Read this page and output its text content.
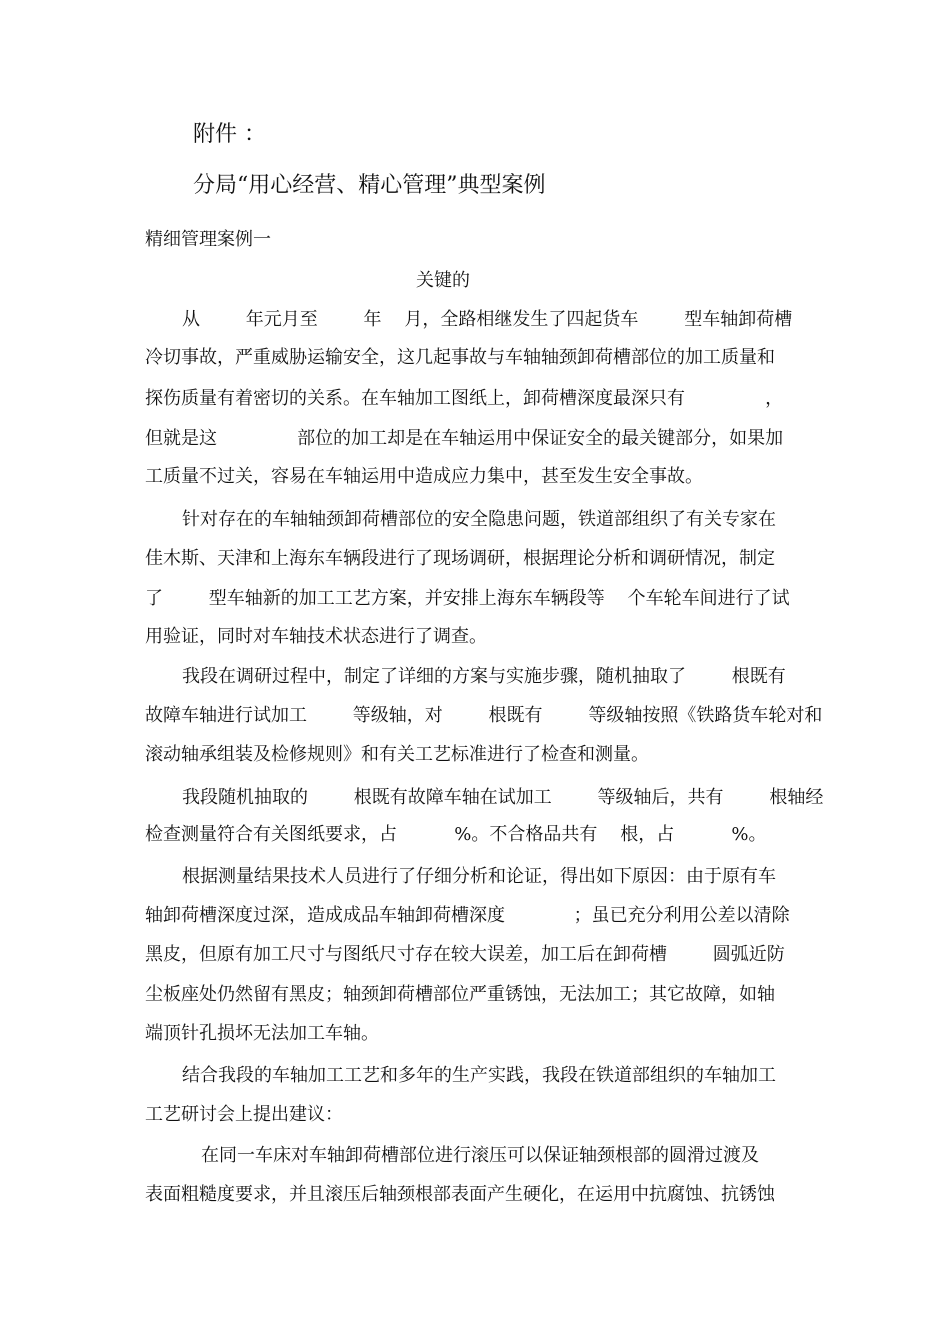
附件 ：
分局“用心经营、精心管理”典型案例
精细管理案例一
关键的
从        年元月至        年    月，全路相继发生了四起货车        型车轴卸荷槽
冷切事故，严重威胁运输安全，这几起事故与车轴轴颈卸荷槽部位的加工质量和
探伤质量有着密切的关系。在车轴加工图纸上，卸荷槽深度最深只有              ，
但就是这              部位的加工却是在车轴运用中保证安全的最关键部分，如果加
工质量不过关，容易在车轴运用中造成应力集中，甚至发生安全事故。
针对存在的车轴轴颈卸荷槽部位的安全隐患问题，铁道部组织了有关专家在
佳木斯、天津和上海东车辆段进行了现场调研，根据理论分析和调研情况，制定
了        型车轴新的加工工艺方案，并安排上海东车辆段等    个车轮车间进行了试
用验证，同时对车轴技术状态进行了调查。
我段在调研过程中，制定了详细的方案与实施步骤，随机抽取了        根既有
故障车轴进行试加工        等级轴，对        根既有        等级轴按照《铁路货车轮对和
滚动轴承组装及检修规则》和有关工艺标准进行了检查和测量。
我段随机抽取的        根既有故障车轴在试加工        等级轴后，共有        根轴经
检查测量符合有关图纸要求，占          %。不合格品共有    根，占          %。
根据测量结果技术人员进行了仔细分析和论证，得出如下原因：由于原有车
轴卸荷槽深度过深，造成成品车轴卸荷槽深度            ；虽已充分利用公差以清除
黑皮，但原有加工尺寸与图纸尺寸存在较大误差，加工后在卸荷槽        圆弧近防
尘板座处仍然留有黑皮；轴颈卸荷槽部位严重锈蚀，无法加工；其它故障，如轴
端顶针孔损坏无法加工车轴。
结合我段的车轴加工工艺和多年的生产实践，我段在铁道部组织的车轴加工
工艺研讨会上提出建议：
在同一车床对车轴卸荷槽部位进行滚压可以保证轴颈根部的圆滑过渡及
表面粗糙度要求，并且滚压后轴颈根部表面产生硬化，在运用中抗腐蚀、抗锈蚀
